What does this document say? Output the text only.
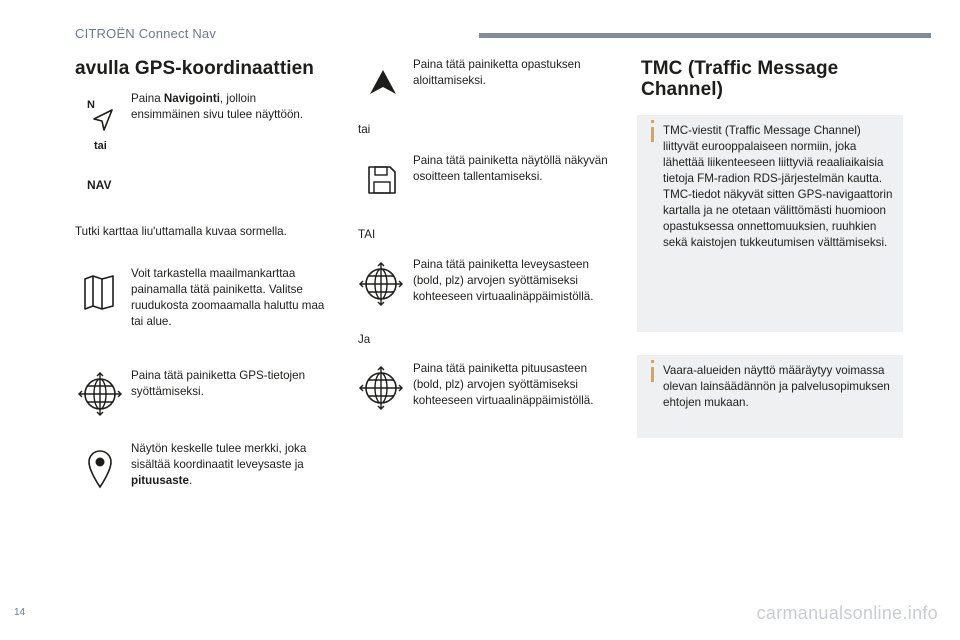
CITROËN Connect Nav
avulla GPS-koordinaattien
N
tai
NAV
Paina Navigointi, jolloin ensimmäinen sivu tulee näyttöön.
Tutki karttaa liu'uttamalla kuvaa sormella.
Voit tarkastella maailmankarttaa painamalla tätä painiketta. Valitse ruudukosta zoomaamalla haluttu maa tai alue.
Paina tätä painiketta GPS-tietojen syöttämiseksi.
Näytön keskelle tulee merkki, joka sisältää koordinaatit leveysaste ja pituusaste.
Paina tätä painiketta opastuksen aloittamiseksi.
tai
Paina tätä painiketta näytöllä näkyvän osoitteen tallentamiseksi.
TAI
Paina tätä painiketta leveysasteen (bold, plz) arvojen syöttämiseksi kohteeseen virtuaalinäppäimistöllä.
Ja
Paina tätä painiketta pituusasteen (bold, plz) arvojen syöttämiseksi kohteeseen virtuaalinäppäimistöllä.
TMC (Traffic Message Channel)
TMC-viestit (Traffic Message Channel) liittyvät eurooppalaiseen normiin, joka lähettää liikenteeseen liittyviä reaaliaikaisia tietoja FM-radion RDS-järjestelmän kautta.
TMC-tiedot näkyvät sitten GPS-navigaattorin kartalla ja ne otetaan välittömästi huomioon opastuksessa onnettomuuksien, ruuhkien sekä kaistojen tukkeutumisen välttämiseksi.
Vaara-alueiden näyttö määräytyy voimassa olevan lainsäädännön ja palvelusopimuksen ehtojen mukaan.
14	carmanualsonline.info
